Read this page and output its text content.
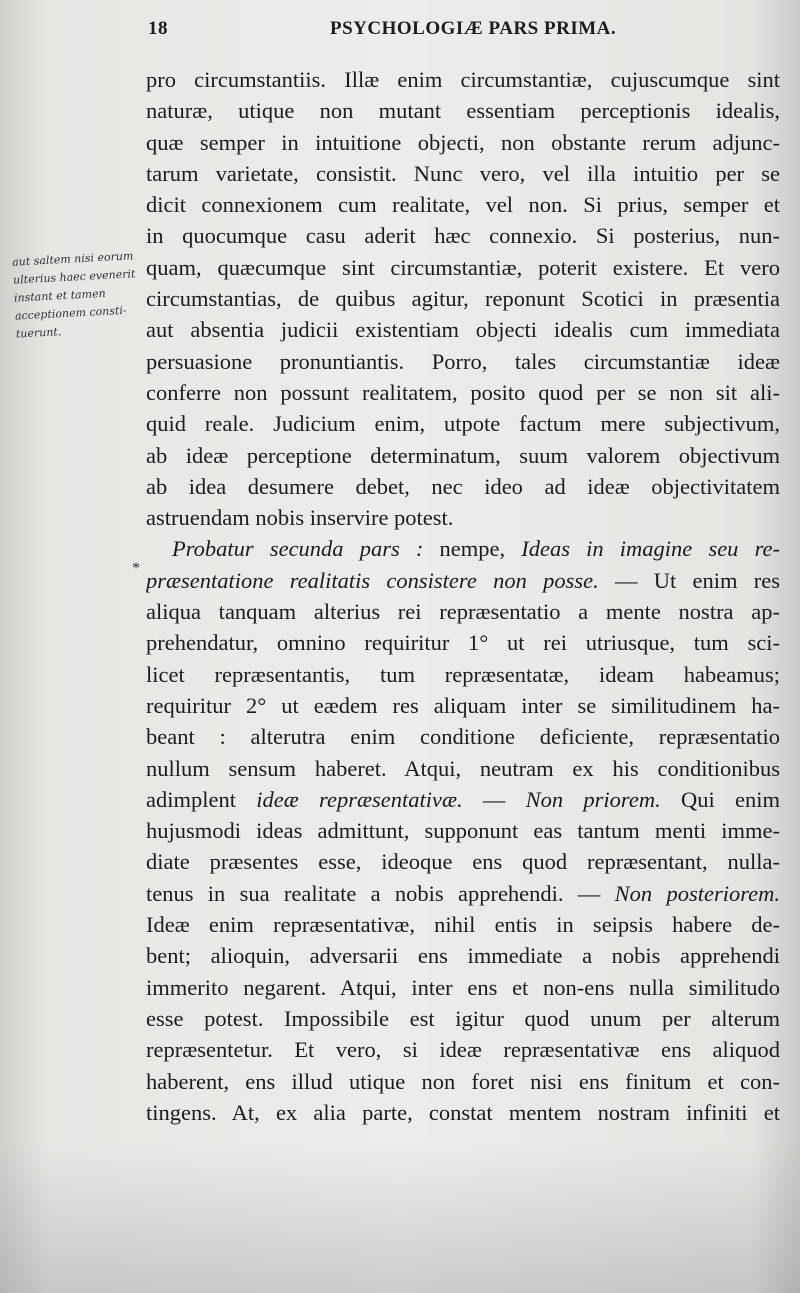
18	PSYCHOLOGIÆ PARS PRIMA.
aut saltem nisi eorum
ulterius haec evenerit
instant et tamen
acceptionem consti-
tuerunt.
*
pro circumstantiis. Illæ enim circumstantiæ, cujuscumque sint
naturæ, utique non mutant essentiam perceptionis idealis,
quæ semper in intuitione objecti, non obstante rerum adjunc-
tarum varietate, consistit. Nunc vero, vel illa intuitio per se
dicit connexionem cum realitate, vel non. Si prius, semper et
in quocumque casu aderit hæc connexio. Si posterius, nun-
quam, quæcumque sint circumstantiæ, poterit existere. Et vero
circumstantias, de quibus agitur, reponunt Scotici in præsentia
aut absentia judicii existentiam objecti idealis cum immediata
persuasione pronuntiantis. Porro, tales circumstantiæ ideæ
conferre non possunt realitatem, posito quod per se non sit ali-
quid reale. Judicium enim, utpote factum mere subjectivum,
ab ideæ perceptione determinatum, suum valorem objectivum
ab idea desumere debet, nec ideo ad ideæ objectivitatem
astruendam nobis inservire potest.
Probatur secunda pars : nempe, Ideas in imagine seu re-
præsentatione realitatis consistere non posse. — Ut enim res
aliqua tanquam alterius rei repræsentatio a mente nostra ap-
prehendatur, omnino requiritur 1° ut rei utriusque, tum sci-
licet repræsentantis, tum repræsentatæ, ideam habeamus;
requiritur 2° ut eædem res aliquam inter se similitudinem ha-
beant : alterutra enim conditione deficiente, repræsentatio
nullum sensum haberet. Atqui, neutram ex his conditionibus
adimplent ideæ repræsentativæ. — Non priorem. Qui enim
hujusmodi ideas admittunt, supponunt eas tantum menti imme-
diate præsentes esse, ideoque ens quod repræsentant, nulla-
tenus in sua realitate a nobis apprehendi. — Non posteriorem.
Ideæ enim repræsentativæ, nihil entis in seipsis habere de-
bent; alioquin, adversarii ens immediate a nobis apprehendi
immerito negarent. Atqui, inter ens et non-ens nulla similitudo
esse potest. Impossibile est igitur quod unum per alterum
repræsentetur. Et vero, si ideæ repræsentativæ ens aliquod
haberent, ens illud utique non foret nisi ens finitum et con-
tingens. At, ex alia parte, constat mentem nostram infiniti et
